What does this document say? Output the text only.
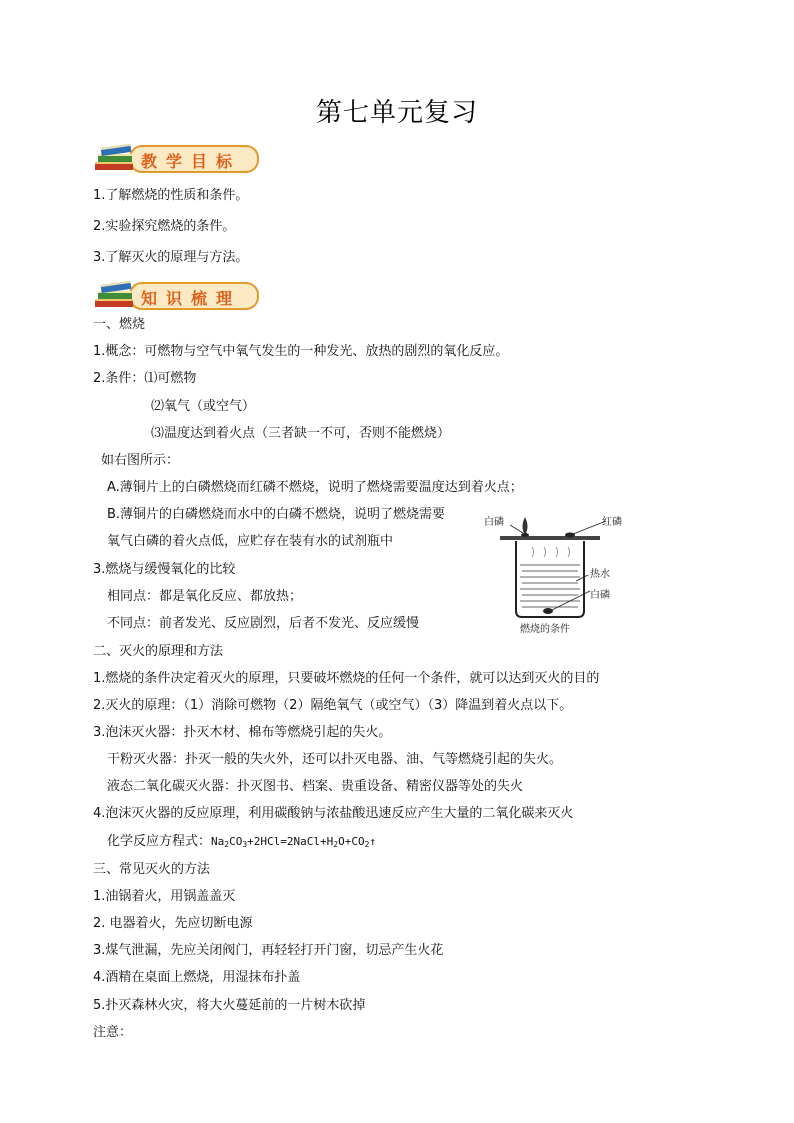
第七单元复习
教学目标
1.了解燃烧的性质和条件。
2.实验探究燃烧的条件。
3.了解灭火的原理与方法。
知识梳理
一、燃烧
1.概念：可燃物与空气中氧气发生的一种发光、放热的剧烈的氧化反应。
2.条件：⑴可燃物
⑵氧气（或空气）
⑶温度达到着火点（三者缺一不可，否则不能燃烧）
如右图所示：
A.薄铜片上的白磷燃烧而红磷不燃烧，说明了燃烧需要温度达到着火点；
B.薄铜片的白磷燃烧而水中的白磷不燃烧，说明了燃烧需要
氧气白磷的着火点低，应贮存在装有水的试剂瓶中
3.燃烧与缓慢氧化的比较
相同点：都是氧化反应、都放热；
不同点：前者发光、反应剧烈，后者不发光、反应缓慢
白磷	红磷
热水
白磷
燃烧的条件
二、灭火的原理和方法
1.燃烧的条件决定着灭火的原理，只要破坏燃烧的任何一个条件，就可以达到灭火的目的
2.灭火的原理：（1）消除可燃物（2）隔绝氧气（或空气）（3）降温到着火点以下。
3.泡沫灭火器：扑灭木材、棉布等燃烧引起的失火。
干粉灭火器：扑灭一般的失火外，还可以扑灭电器、油、气等燃烧引起的失火。
液态二氧化碳灭火器：扑灭图书、档案、贵重设备、精密仪器等处的失火
4.泡沫灭火器的反应原理，利用碳酸钠与浓盐酸迅速反应产生大量的二氧化碳来灭火
化学反应方程式：$Na_2CO_3+2HCl=2NaCl+H_2O+CO_2↑$
三、常见灭火的方法
1.油锅着火，用锅盖盖灭
2. 电器着火，先应切断电源
3.煤气泄漏，先应关闭阀门，再轻轻打开门窗，切忌产生火花
4.酒精在桌面上燃烧，用湿抹布扑盖
5.扑灭森林火灾，将大火蔓延前的一片树木砍掉
注意：
